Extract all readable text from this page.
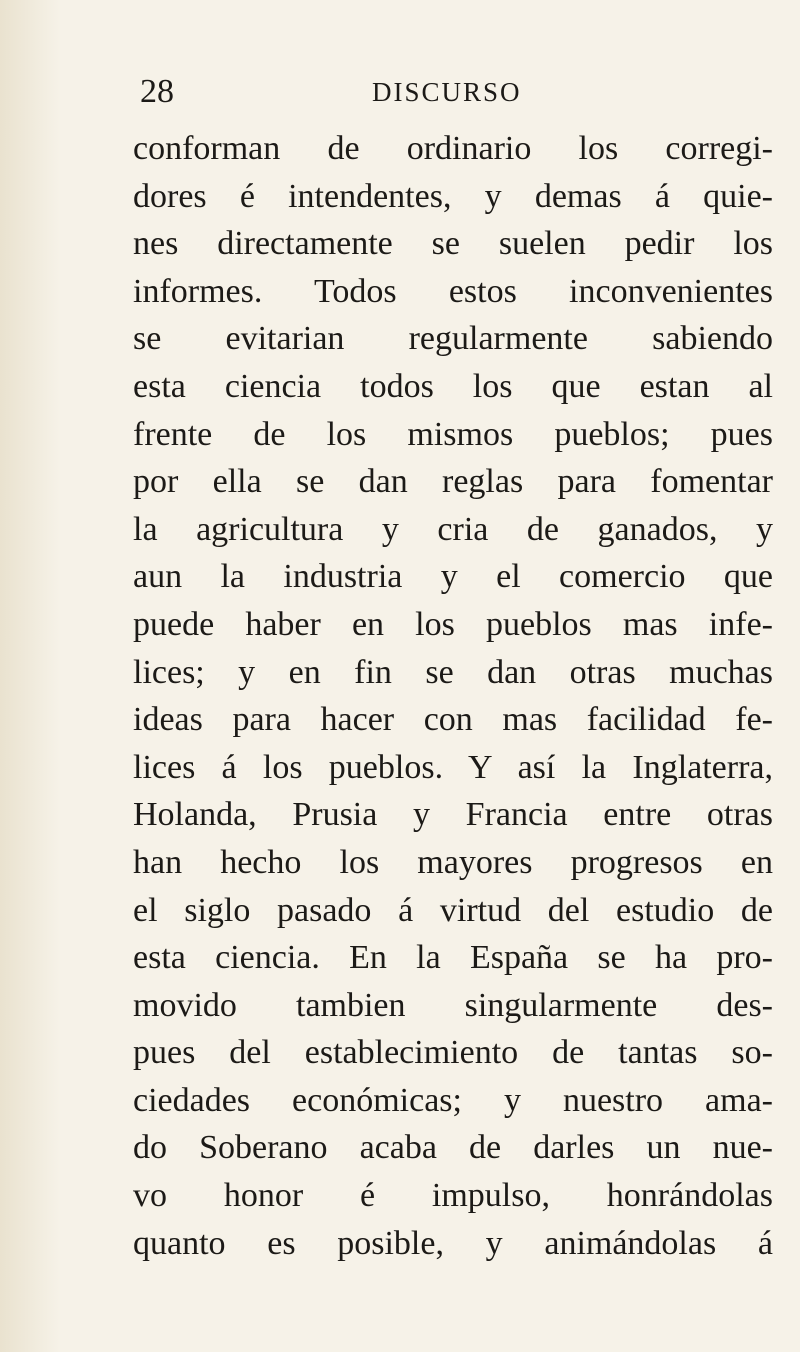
28	DISCURSO
conforman de ordinario los corregi-
dores é intendentes, y demas á quie-
nes directamente se suelen pedir los
informes. Todos estos inconvenientes
se evitarian regularmente sabiendo
esta ciencia todos los que estan al
frente de los mismos pueblos; pues
por ella se dan reglas para fomentar
la agricultura y cria de ganados, y
aun la industria y el comercio que
puede haber en los pueblos mas infe-
lices; y en fin se dan otras muchas
ideas para hacer con mas facilidad fe-
lices á los pueblos. Y así la Inglaterra,
Holanda, Prusia y Francia entre otras
han hecho los mayores progresos en
el siglo pasado á virtud del estudio de
esta ciencia. En la España se ha pro-
movido tambien singularmente des-
pues del establecimiento de tantas so-
ciedades económicas; y nuestro ama-
do Soberano acaba de darles un nue-
vo honor é impulso, honrándolas
quanto es posible, y animándolas á
